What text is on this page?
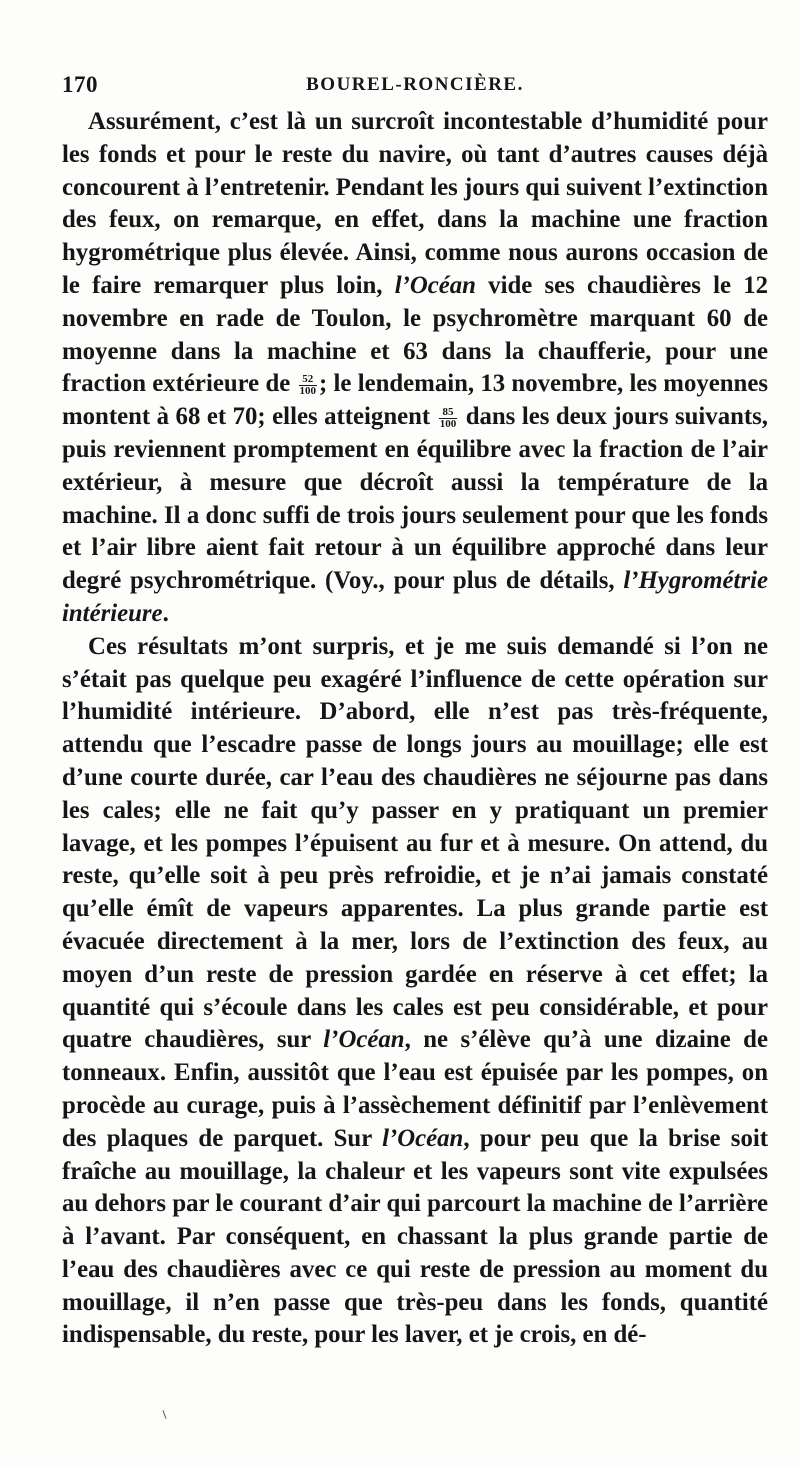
170	BOUREL-RONCIÈRE.

Assurément, c’est là un surcroît incontestable d’humidité pour les fonds et pour le reste du navire, où tant d’autres causes déjà concourent à l’entretenir. Pendant les jours qui suivent l’extinction des feux, on remarque, en effet, dans la machine une fraction hygrométrique plus élevée. Ainsi, comme nous aurons occasion de le faire remarquer plus loin, l’Océan vide ses chaudières le 12 novembre en rade de Toulon, le psychromètre marquant 60 de moyenne dans la machine et 63 dans la chaufferie, pour une fraction extérieure de $\frac{52}{100}$ ; le lendemain, 13 novembre, les moyennes montent à 68 et 70; elles atteignent $\frac{85}{100}$ dans les deux jours suivants, puis reviennent promptement en équilibre avec la fraction de l’air extérieur, à mesure que décroît aussi la température de la machine. Il a donc suffi de trois jours seulement pour que les fonds et l’air libre aient fait retour à un équilibre approché dans leur degré psychrométrique. (Voy., pour plus de détails, l’Hygrométrie intérieure.

Ces résultats m’ont surpris, et je me suis demandé si l’on ne s’était pas quelque peu exagéré l’influence de cette opération sur l’humidité intérieure. D’abord, elle n’est pas très-fréquente, attendu que l’escadre passe de longs jours au mouillage; elle est d’une courte durée, car l’eau des chaudières ne séjourne pas dans les cales; elle ne fait qu’y passer en y pratiquant un premier lavage, et les pompes l’épuisent au fur et à mesure. On attend, du reste, qu’elle soit à peu près refroidie, et je n’ai jamais constaté qu’elle émît de vapeurs apparentes. La plus grande partie est évacuée directement à la mer, lors de l’extinction des feux, au moyen d’un reste de pression gardée en réserve à cet effet; la quantité qui s’écoule dans les cales est peu considérable, et pour quatre chaudières, sur l’Océan, ne s’élève qu’à une dizaine de tonneaux. Enfin, aussitôt que l’eau est épuisée par les pompes, on procède au curage, puis à l’assèchement définitif par l’enlèvement des plaques de parquet. Sur l’Océan, pour peu que la brise soit fraîche au mouillage, la chaleur et les vapeurs sont vite expulsées au dehors par le courant d’air qui parcourt la machine de l’arrière à l’avant. Par conséquent, en chassant la plus grande partie de l’eau des chaudières avec ce qui reste de pression au moment du mouillage, il n’en passe que très-peu dans les fonds, quantité indispensable, du reste, pour les laver, et je crois, en dé-
